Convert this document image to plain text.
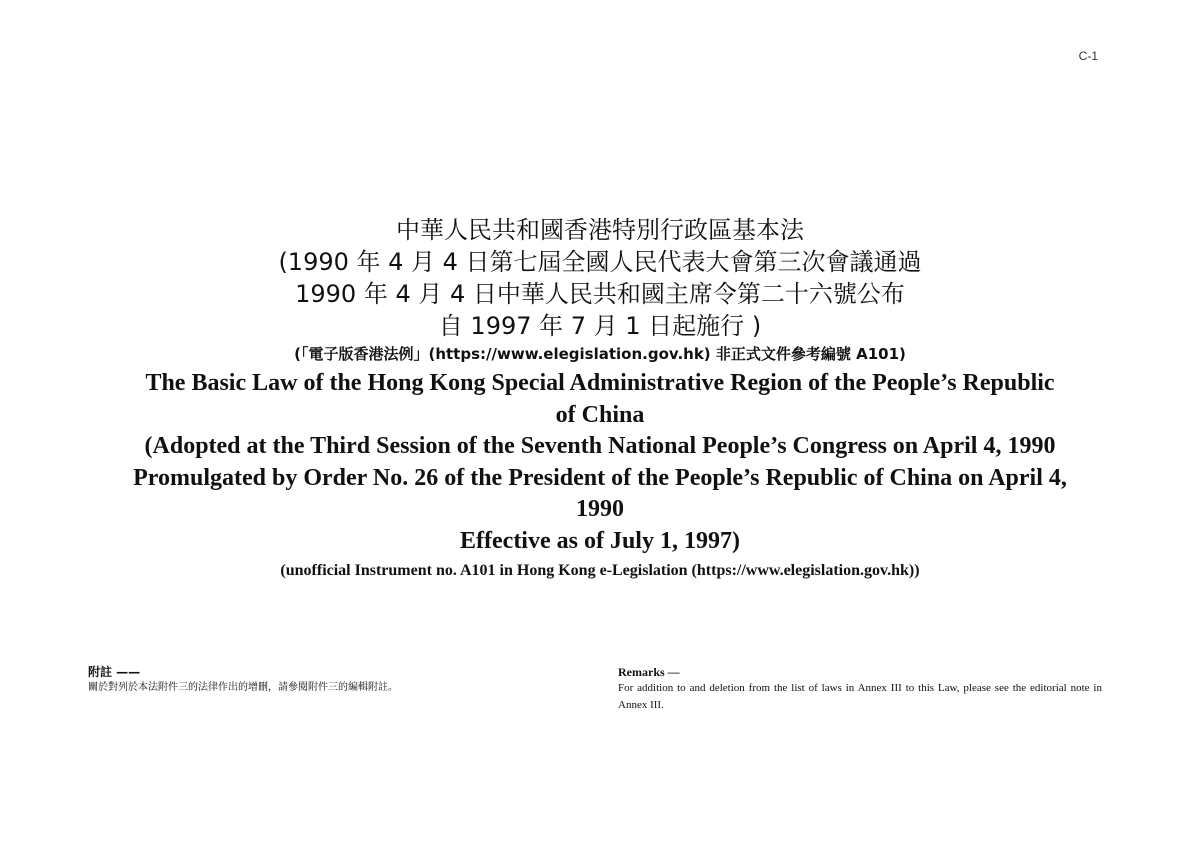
C-1
中華人民共和國香港特別行政區基本法
(1990 年 4 月 4 日第七屆全國人民代表大會第三次會議通過
1990 年 4 月 4 日中華人民共和國主席令第二十六號公布
自 1997 年 7 月 1 日起施行 )
(「電子版香港法例」(https://www.elegislation.gov.hk) 非正式文件參考編號 A101)
The Basic Law of the Hong Kong Special Administrative Region of the People’s Republic
of China
(Adopted at the Third Session of the Seventh National People’s Congress on April 4, 1990
Promulgated by Order No. 26 of the President of the People’s Republic of China on April 4,
1990
Effective as of July 1, 1997)
(unofficial Instrument no. A101 in Hong Kong e-Legislation (https://www.elegislation.gov.hk))
附註 ——
關於對列於本法附件三的法律作出的增刪，請參閱附件三的編輯附註。
Remarks —
For addition to and deletion from the list of laws in Annex III to this Law, please see the editorial note in Annex III.
